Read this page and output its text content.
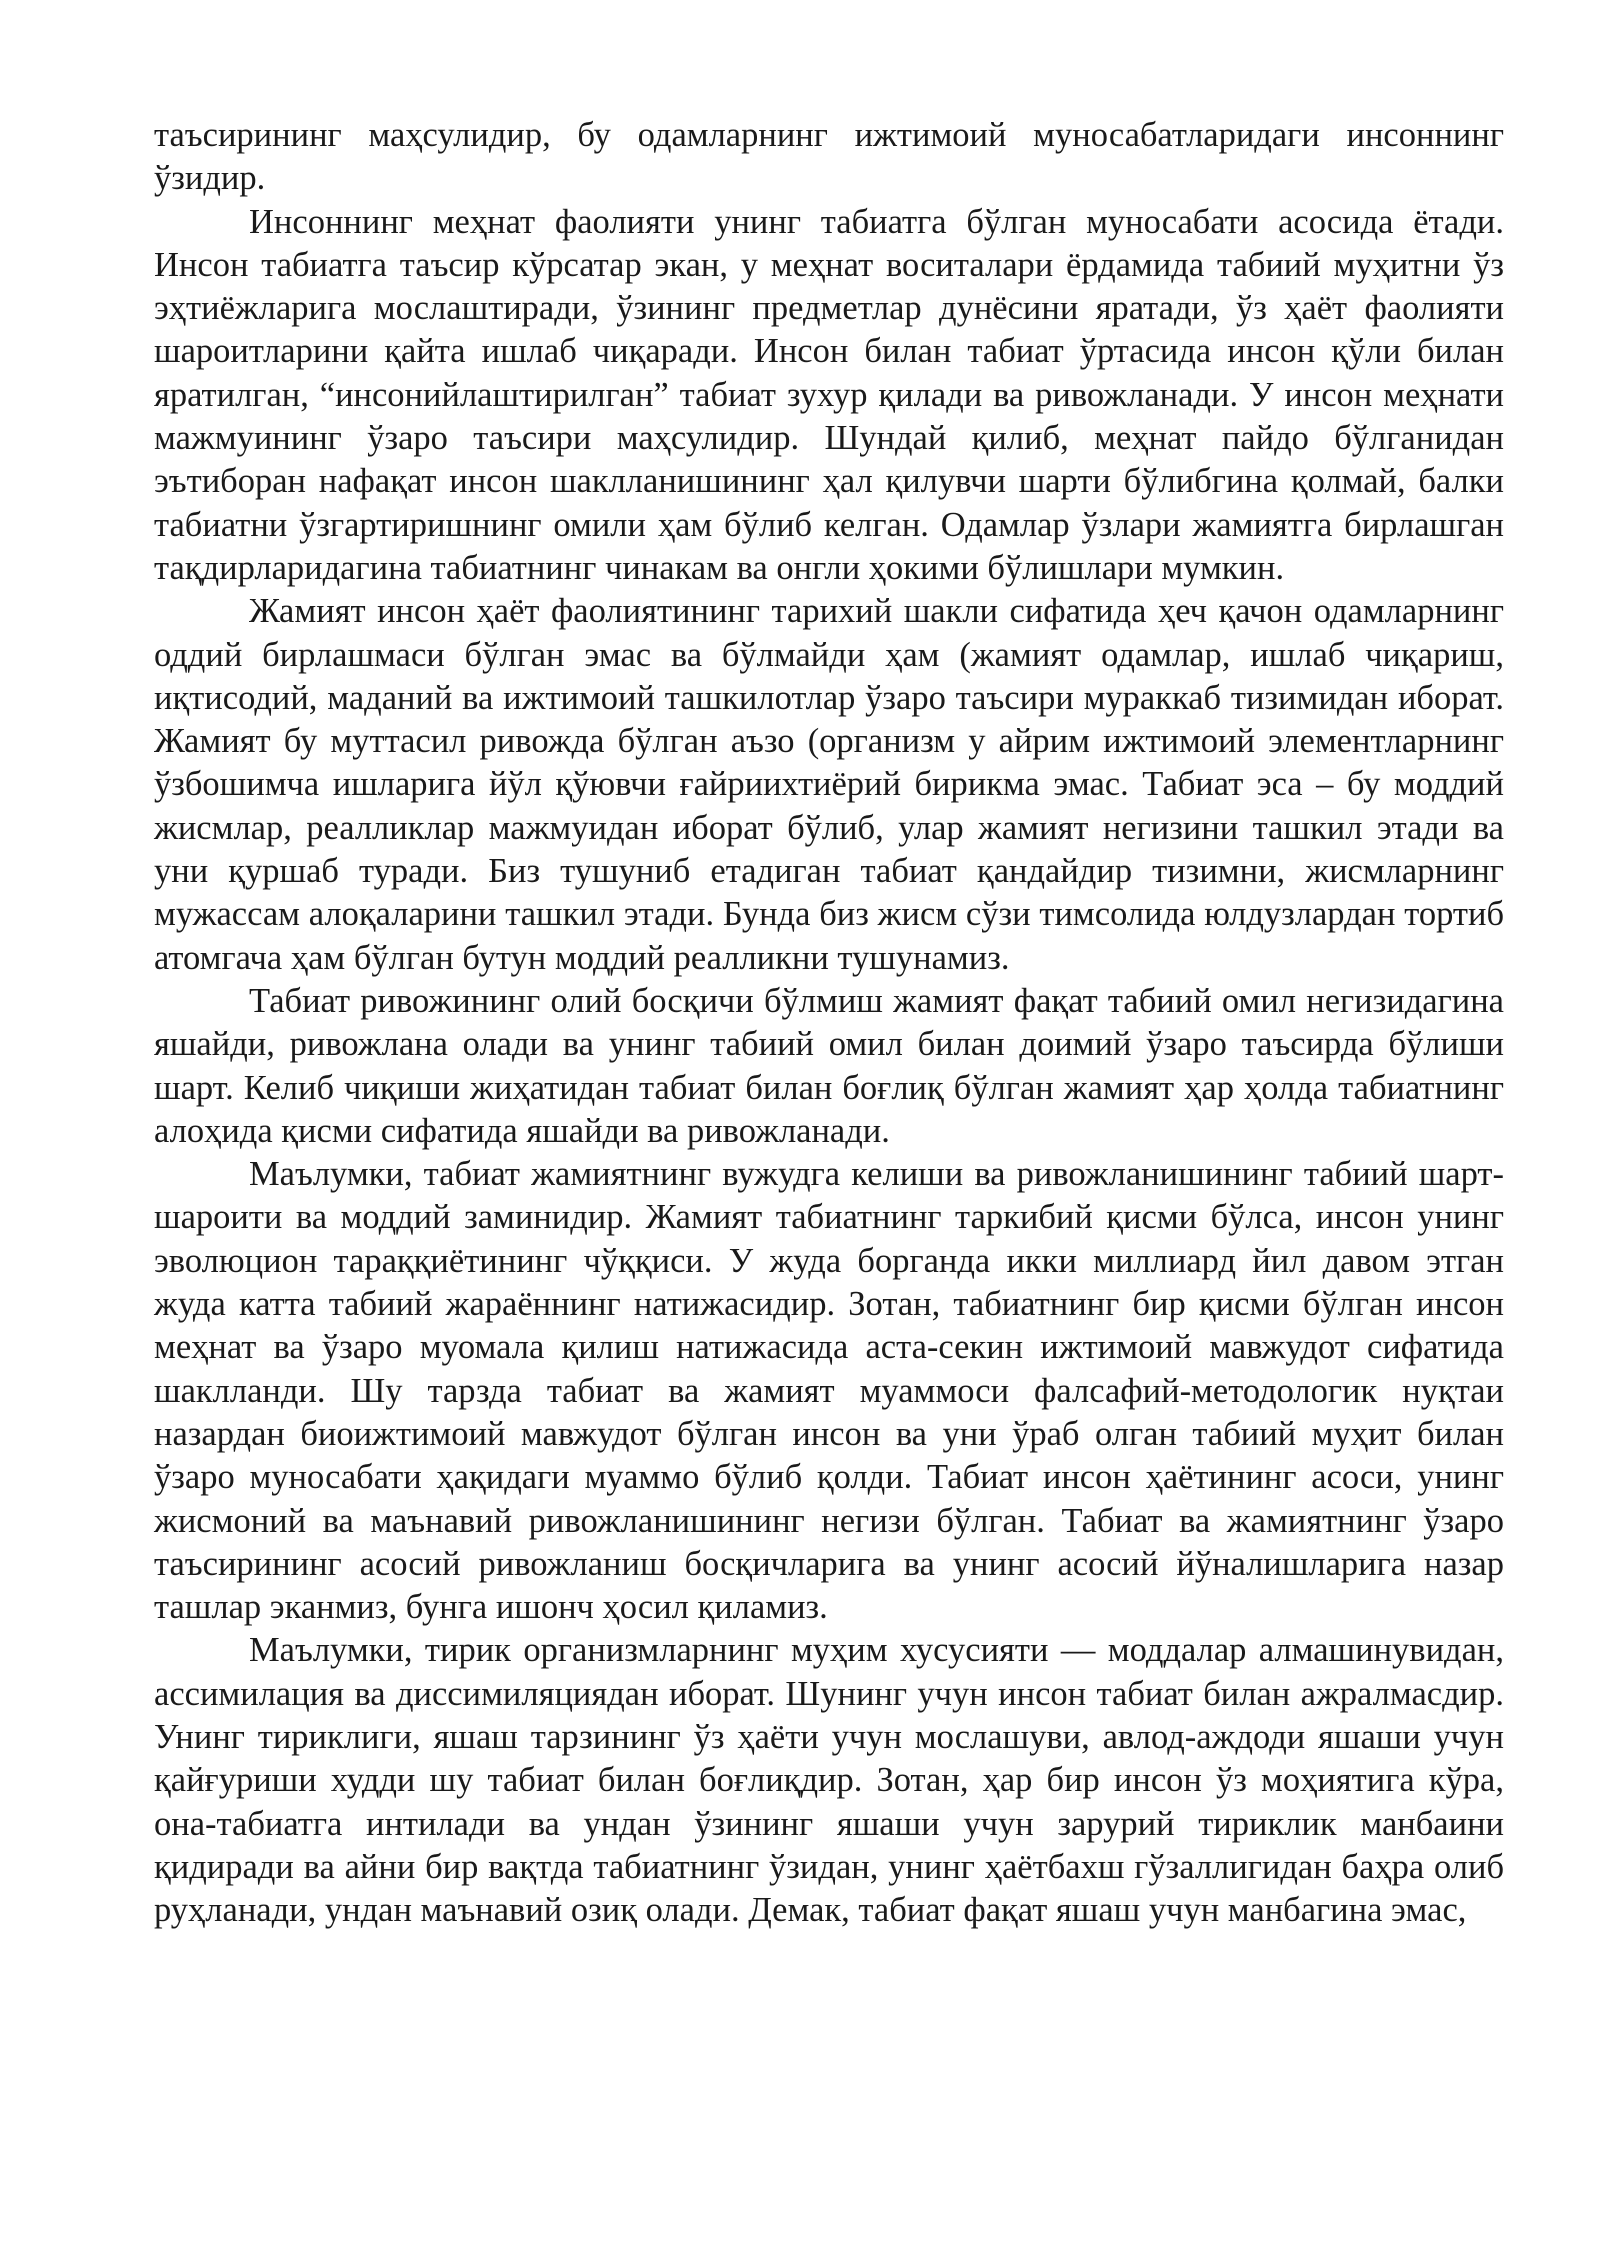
таъсирининг маҳсулидир, бу одамларнинг ижтимоий муносабатларидаги инсоннинг ўзидир.

Инсоннинг меҳнат фаолияти унинг табиатга бўлган муносабати асосида ётади. Инсон табиатга таъсир кўрсатар экан, у меҳнат воситалари ёрдамида табиий муҳитни ўз эҳтиёжларига мослаштиради, ўзининг предметлар дунёсини яратади, ўз ҳаёт фаолияти шароитларини қайта ишлаб чиқаради. Инсон билан табиат ўртасида инсон қўли билан яратилган, “инсонийлаштирилган” табиат зухур қилади ва ривожланади. У инсон меҳнати мажмуининг ўзаро таъсири маҳсулидир. Шундай қилиб, меҳнат пайдо бўлганидан эътиборан нафақат инсон шаклланишининг ҳал қилувчи шарти бўлибгина қолмай, балки табиатни ўзгартиришнинг омили ҳам бўлиб келган. Одамлар ўзлари жамиятга бирлашган тақдирларидагина табиатнинг чинакам ва онгли ҳокими бўлишлари мумкин.

Жамият инсон ҳаёт фаолиятининг тарихий шакли сифатида ҳеч қачон одамларнинг оддий бирлашмаси бўлган эмас ва бўлмайди ҳам (жамият одамлар, ишлаб чиқариш, иқтисодий, маданий ва ижтимоий ташкилотлар ўзаро таъсири мураккаб тизимидан иборат. Жамият бу муттасил ривожда бўлган аъзо (организм у айрим ижтимоий элементларнинг ўзбошимча ишларига йўл қўювчи ғайриихтиёрий бирикма эмас. Табиат эса – бу моддий жисмлар, реалликлар мажмуидан иборат бўлиб, улар жамият негизини ташкил этади ва уни қуршаб туради. Биз тушуниб етадиган табиат қандайдир тизимни, жисмларнинг мужассам алоқаларини ташкил этади. Бунда биз жисм сўзи тимсолида юлдузлардан тортиб атомгача ҳам бўлган бутун моддий реалликни тушунамиз.

Табиат ривожининг олий босқичи бўлмиш жамият фақат табиий омил негизидагина яшайди, ривожлана олади ва унинг табиий омил билан доимий ўзаро таъсирда бўлиши шарт. Келиб чиқиши жиҳатидан табиат билан боғлиқ бўлган жамият ҳар ҳолда табиатнинг алоҳида қисми сифатида яшайди ва ривожланади.

Маълумки, табиат жамиятнинг вужудга келиши ва ривожланишининг табиий шарт-шароити ва моддий заминидир. Жамият табиатнинг таркибий қисми бўлса, инсон унинг эволюцион тараққиётининг чўққиси. У жуда борганда икки миллиард йил давом этган жуда катта табиий жараённинг натижасидир. Зотан, табиатнинг бир қисми бўлган инсон меҳнат ва ўзаро муомала қилиш натижасида аста-секин ижтимоий мавжудот сифатида шаклланди. Шу тарзда табиат ва жамият муаммоси фалсафий-методологик нуқтаи назардан биоижтимоий мавжудот бўлган инсон ва уни ўраб олган табиий муҳит билан ўзаро муносабати ҳақидаги муаммо бўлиб қолди. Табиат инсон ҳаётининг асоси, унинг жисмоний ва маънавий ривожланишининг негизи бўлган. Табиат ва жамиятнинг ўзаро таъсирининг асосий ривожланиш босқичларига ва унинг асосий йўналишларига назар ташлар эканмиз, бунга ишонч ҳосил қиламиз.

Маълумки, тирик организмларнинг муҳим хусусияти — моддалар алмашинувидан, ассимилация ва диссимиляциядан иборат. Шунинг учун инсон табиат билан ажралмасдир. Унинг тириклиги, яшаш тарзининг ўз ҳаёти учун мослашуви, авлод-аждоди яшаши учун қайғуриши худди шу табиат билан боғлиқдир. Зотан, ҳар бир инсон ўз моҳиятига кўра, она-табиатга интилади ва ундан ўзининг яшаши учун зарурий тириклик манбаини қидиради ва айни бир вақтда табиатнинг ўзидан, унинг ҳаётбахш гўзаллигидан баҳра олиб руҳланади, ундан маънавий озиқ олади. Демак, табиат фақат яшаш учун манбагина эмас,
